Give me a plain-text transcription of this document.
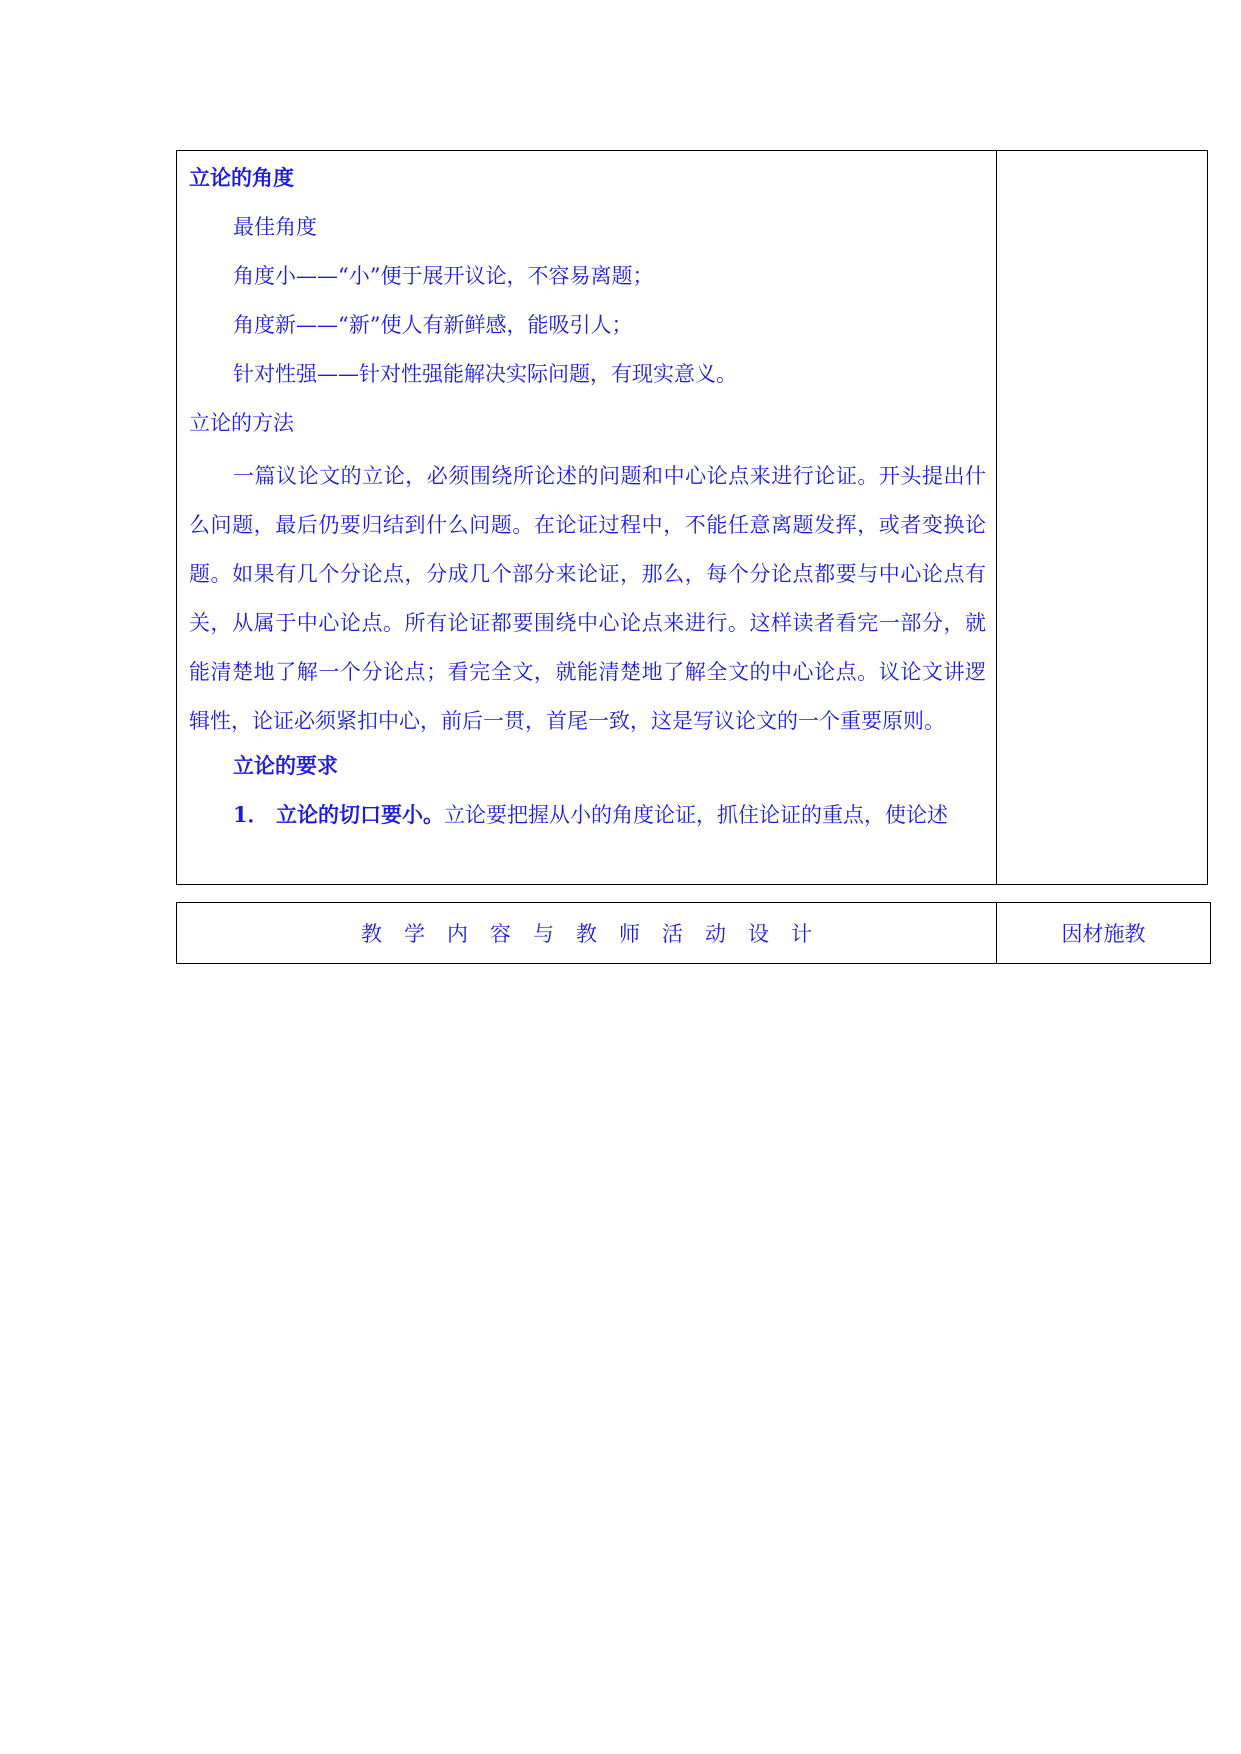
立论的角度
最佳角度
角度小——“小”便于展开议论，不容易离题；
角度新——“新”使人有新鲜感，能吸引人；
针对性强——针对性强能解决实际问题，有现实意义。
立论的方法

一篇议论文的立论，必须围绕所论述的问题和中心论点来进行论证。开头提出什么问题，最后仍要归结到什么问题。在论证过程中，不能任意离题发挥，或者变换论题。如果有几个分论点，分成几个部分来论证，那么，每个分论点都要与中心论点有关，从属于中心论点。所有论证都要围绕中心论点来进行。这样读者看完一部分，就能清楚地了解一个分论点；看完全文，就能清楚地了解全文的中心论点。议论文讲逻辑性，论证必须紧扣中心，前后一贯，首尾一致，这是写议论文的一个重要原则。

立论的要求
1． 立论的切口要小。立论要把握从小的角度论证，抓住论证的重点，使论述
教学内容与教师活动设计	因材施教
